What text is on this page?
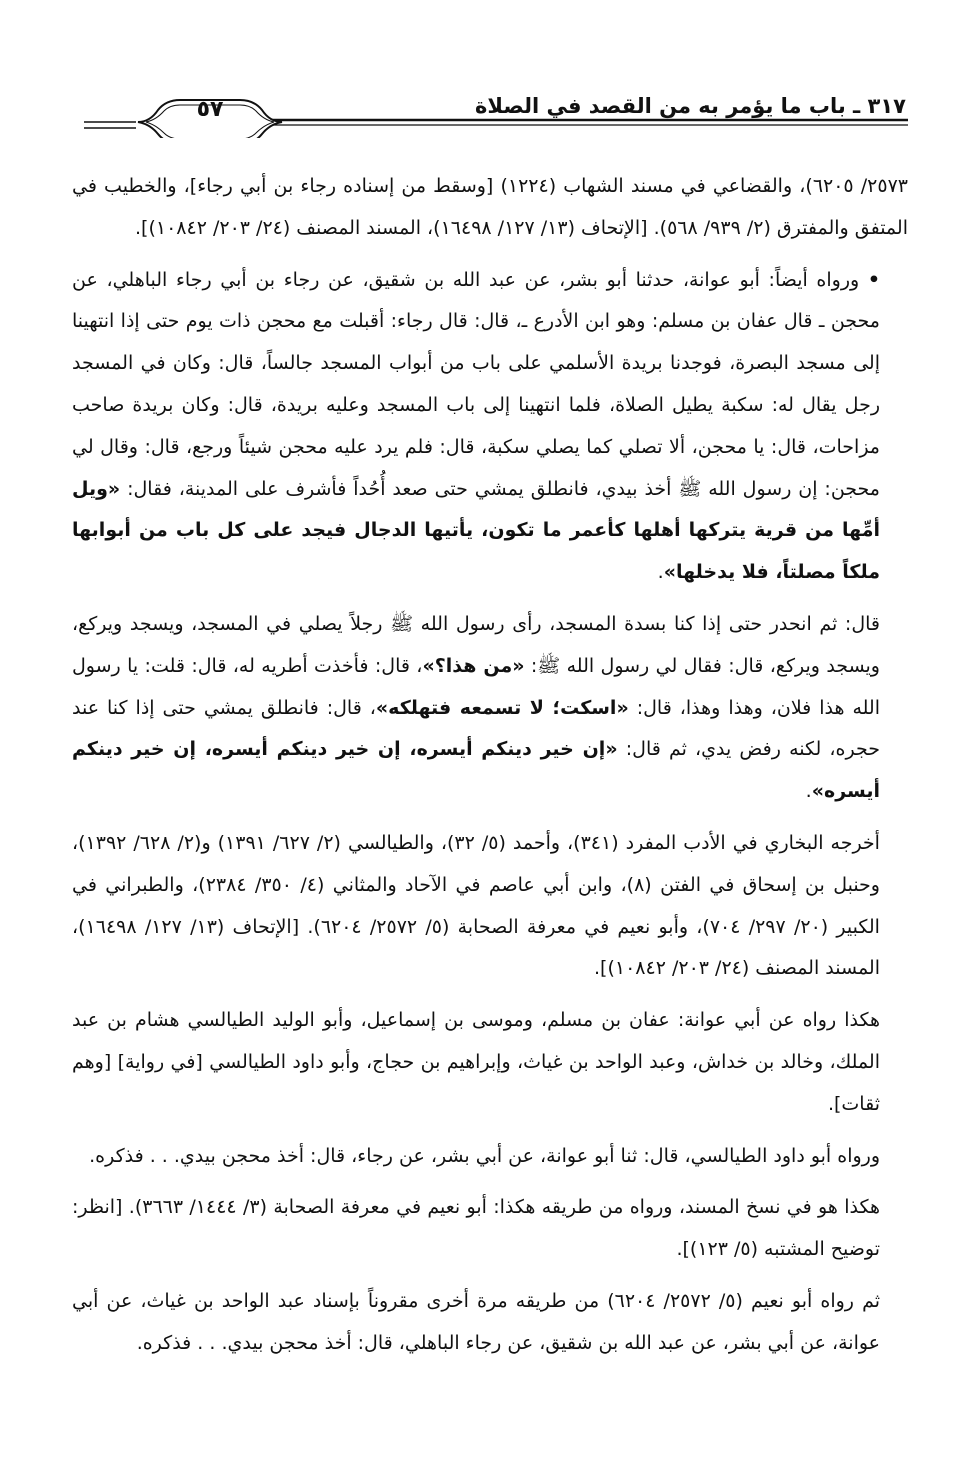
٥٧	٣١٧ ـ باب ما يؤمر به من القصد في الصلاة

٢٥٧٣/ ٦٢٠٥)، والقضاعي في مسند الشهاب (١٢٢٤) [وسقط من إسناده رجاء بن أبي رجاء]، والخطيب في المتفق والمفترق (٢/ ٩٣٩/ ٥٦٨). [الإتحاف (١٣/ ١٢٧/ ١٦٤٩٨)، المسند المصنف (٢٤/ ٢٠٣/ ١٠٨٤٢)].

• ورواه أيضاً: أبو عوانة، حدثنا أبو بشر، عن عبد الله بن شقيق، عن رجاء بن أبي رجاء الباهلي، عن محجن ـ قال عفان بن مسلم: وهو ابن الأدرع ـ، قال: قال رجاء: أقبلت مع محجن ذات يوم حتى إذا انتهينا إلى مسجد البصرة، فوجدنا بريدة الأسلمي على باب من أبواب المسجد جالساً، قال: وكان في المسجد رجل يقال له: سكبة يطيل الصلاة، فلما انتهينا إلى باب المسجد وعليه بريدة، قال: وكان بريدة صاحب مزاحات، قال: يا محجن، ألا تصلي كما يصلي سكبة، قال: فلم يرد عليه محجن شيئاً ورجع، قال: وقال لي محجن: إن رسول الله ﷺ أخذ بيدي، فانطلق يمشي حتى صعد أُحُداً فأشرف على المدينة، فقال: «ويل أمِّها من قرية يتركها أهلها كأعمر ما تكون، يأتيها الدجال فيجد على كل باب من أبوابها ملكاً مصلتاً، فلا يدخلها».

قال: ثم انحدر حتى إذا كنا بسدة المسجد، رأى رسول الله ﷺ رجلاً يصلي في المسجد، ويسجد ويركع، ويسجد ويركع، قال: فقال لي رسول الله ﷺ: «من هذا؟»، قال: فأخذت أطريه له، قال: قلت: يا رسول الله هذا فلان، وهذا وهذا، قال: «اسكت؛ لا تسمعه فتهلكه»، قال: فانطلق يمشي حتى إذا كنا عند حجره، لكنه رفض يدي، ثم قال: «إن خير دينكم أيسره، إن خير دينكم أيسره، إن خير دينكم أيسره».

أخرجه البخاري في الأدب المفرد (٣٤١)، وأحمد (٥/ ٣٢)، والطيالسي (٢/ ٦٢٧/ ١٣٩١) و(٢/ ٦٢٨/ ١٣٩٢)، وحنبل بن إسحاق في الفتن (٨)، وابن أبي عاصم في الآحاد والمثاني (٤/ ٣٥٠/ ٢٣٨٤)، والطبراني في الكبير (٢٠/ ٢٩٧/ ٧٠٤)، وأبو نعيم في معرفة الصحابة (٥/ ٢٥٧٢/ ٦٢٠٤). [الإتحاف (١٣/ ١٢٧/ ١٦٤٩٨)، المسند المصنف (٢٤/ ٢٠٣/ ١٠٨٤٢)].

هكذا رواه عن أبي عوانة: عفان بن مسلم، وموسى بن إسماعيل، وأبو الوليد الطيالسي هشام بن عبد الملك، وخالد بن خداش، وعبد الواحد بن غياث، وإبراهيم بن حجاج، وأبو داود الطيالسي [في رواية] [وهم ثقات].

ورواه أبو داود الطيالسي، قال: ثنا أبو عوانة، عن أبي بشر، عن رجاء، قال: أخذ محجن بيدي. . . فذكره.

هكذا هو في نسخ المسند، ورواه من طريقه هكذا: أبو نعيم في معرفة الصحابة (٣/ ١٤٤٤/ ٣٦٦٣). [انظر: توضيح المشتبه (٥/ ١٢٣)].

ثم رواه أبو نعيم (٥/ ٢٥٧٢/ ٦٢٠٤) من طريقه مرة أخرى مقروناً بإسناد عبد الواحد بن غياث، عن أبي عوانة، عن أبي بشر، عن عبد الله بن شقيق، عن رجاء الباهلي، قال: أخذ محجن بيدي. . . فذكره.
